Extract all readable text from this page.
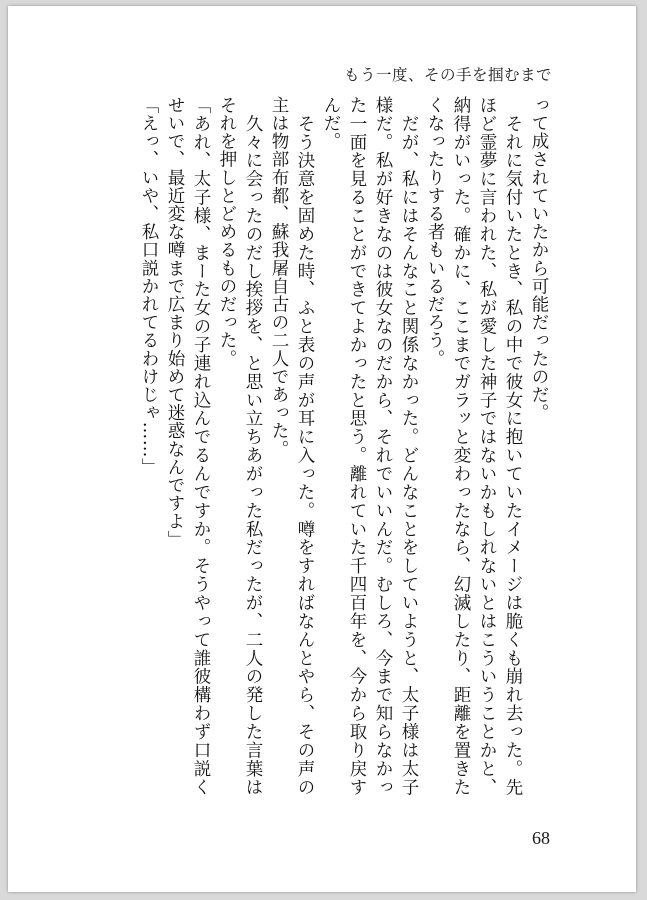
もう一度、その手を掴むまで

って成されていたから可能だったのだ。

　それに気付いたとき、私の中で彼女に抱いていたイメージは脆くも崩れ去った。先ほど霊夢に言われた、私が愛した神子ではないかもしれないとはこういうことかと、納得がいった。確かに、ここまでガラッと変わったなら、幻滅したり、距離を置きたくなったりする者もいるだろう。

　だが、私にはそんなこと関係なかった。どんなことをしていようと、太子様は太子様だ。私が好きなのは彼女なのだから、それでいいんだ。むしろ、今まで知らなかった一面を見ることができてよかったと思う。離れていた千四百年を、今から取り戻すんだ。

　そう決意を固めた時、ふと表の声が耳に入った。噂をすればなんとやら、その声の主は物部布都、蘇我屠自古の二人であった。

　久々に会ったのだし挨拶を、と思い立ちあがった私だったが、二人の発した言葉はそれを押しとどめるものだった。

「あれ、太子様、まーた女の子連れ込んでるんですか。そうやって誰彼構わず口説くせいで、最近変な噂まで広まり始めて迷惑なんですよ」

「えっ、いや、私口説かれてるわけじゃ……」

68
